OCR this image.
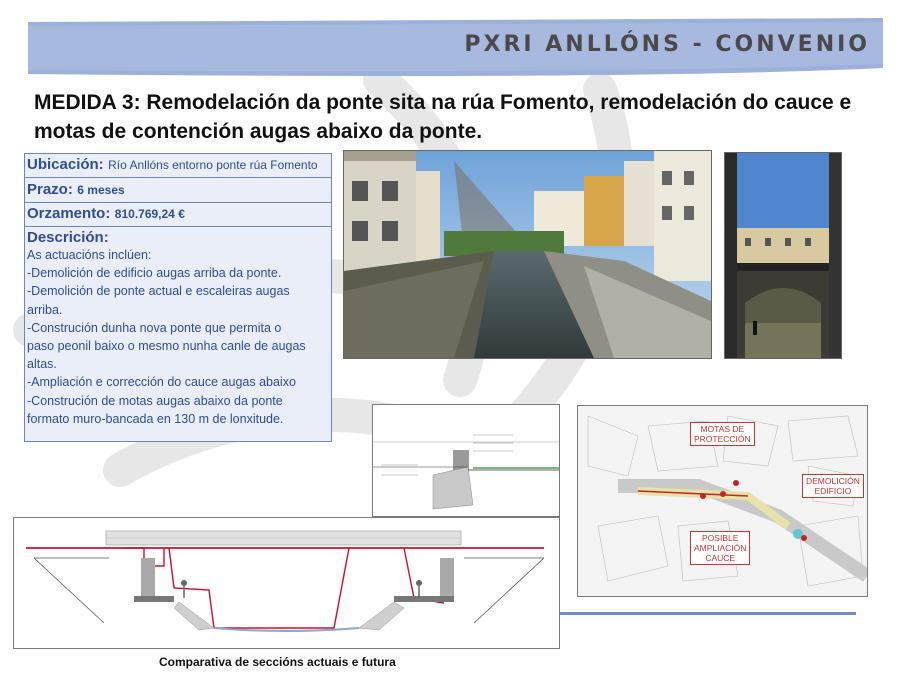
PXRI ANLLÓNS - CONVENIO
MEDIDA 3: Remodelación da ponte sita na rúa Fomento, remodelación do cauce e motas de contención augas abaixo da ponte.
Ubicación: Río Anllóns entorno ponte rúa Fomento
Prazo: 6 meses
Orzamento: 810.769,24 €
Descrición:
As actuacións inclúen:
-Demolición de edificio augas arriba da ponte.
-Demolición de ponte actual e escaleiras augas
arriba.
-Construción dunha nova ponte que permita o
paso peonil baixo o mesmo nunha canle de augas
altas.
-Ampliación e corrección do cauce augas abaixo
-Construción de motas augas abaixo da ponte
formato muro-bancada en 130 m de lonxitude.
MOTAS DE
PROTECCIÓN
DEMOLICIÓN
EDIFICIO
POSIBLE
AMPLIACIÓN
CAUCE
Comparativa de seccións actuais e futura
